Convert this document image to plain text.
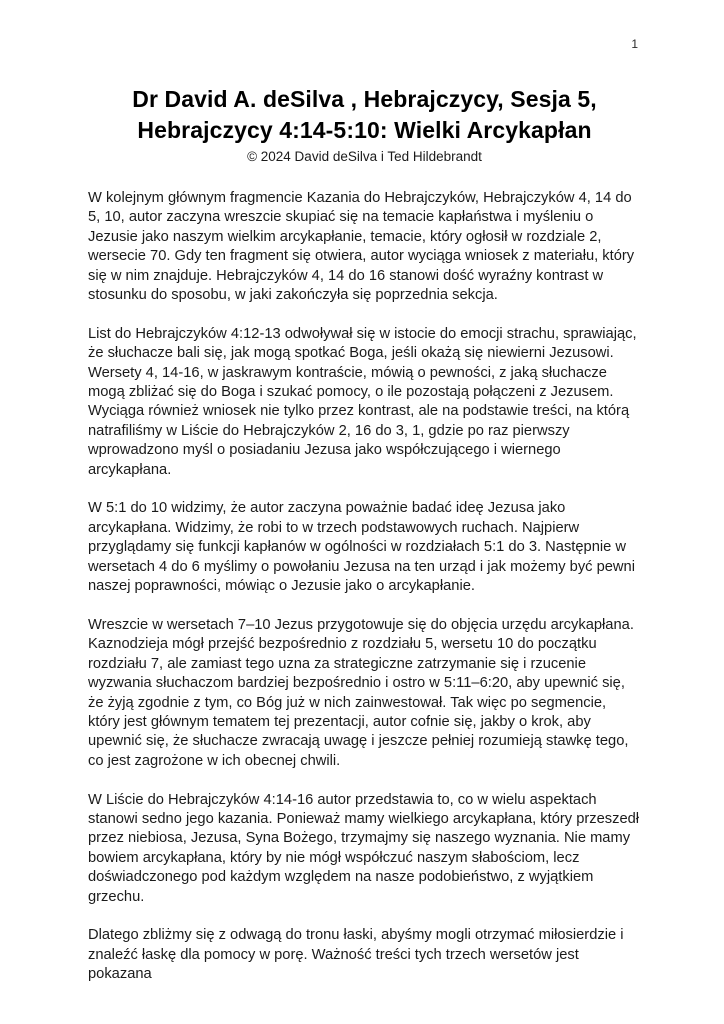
1
Dr David A. deSilva , Hebrajczycy, Sesja 5,
Hebrajczycy 4:14-5:10: Wielki Arcykapłan
© 2024 David deSilva i Ted Hildebrandt

W kolejnym głównym fragmencie Kazania do Hebrajczyków, Hebrajczyków 4, 14 do 5, 10, autor zaczyna wreszcie skupiać się na temacie kapłaństwa i myśleniu o Jezusie jako naszym wielkim arcykapłanie, temacie, który ogłosił w rozdziale 2, wersecie 70. Gdy ten fragment się otwiera, autor wyciąga wniosek z materiału, który się w nim znajduje. Hebrajczyków 4, 14 do 16 stanowi dość wyraźny kontrast w stosunku do sposobu, w jaki zakończyła się poprzednia sekcja.

List do Hebrajczyków 4:12-13 odwoływał się w istocie do emocji strachu, sprawiając, że słuchacze bali się, jak mogą spotkać Boga, jeśli okażą się niewierni Jezusowi. Wersety 4, 14-16, w jaskrawym kontraście, mówią o pewności, z jaką słuchacze mogą zbliżać się do Boga i szukać pomocy, o ile pozostają połączeni z Jezusem. Wyciąga również wniosek nie tylko przez kontrast, ale na podstawie treści, na którą natrafiliśmy w Liście do Hebrajczyków 2, 16 do 3, 1, gdzie po raz pierwszy wprowadzono myśl o posiadaniu Jezusa jako współczującego i wiernego arcykapłana.

W 5:1 do 10 widzimy, że autor zaczyna poważnie badać ideę Jezusa jako arcykapłana. Widzimy, że robi to w trzech podstawowych ruchach. Najpierw przyglądamy się funkcji kapłanów w ogólności w rozdziałach 5:1 do 3. Następnie w wersetach 4 do 6 myślimy o powołaniu Jezusa na ten urząd i jak możemy być pewni naszej poprawności, mówiąc o Jezusie jako o arcykapłanie.

Wreszcie w wersetach 7–10 Jezus przygotowuje się do objęcia urzędu arcykapłana. Kaznodzieja mógł przejść bezpośrednio z rozdziału 5, wersetu 10 do początku rozdziału 7, ale zamiast tego uzna za strategiczne zatrzymanie się i rzucenie wyzwania słuchaczom bardziej bezpośrednio i ostro w 5:11–6:20, aby upewnić się, że żyją zgodnie z tym, co Bóg już w nich zainwestował. Tak więc po segmencie, który jest głównym tematem tej prezentacji, autor cofnie się, jakby o krok, aby upewnić się, że słuchacze zwracają uwagę i jeszcze pełniej rozumieją stawkę tego, co jest zagrożone w ich obecnej chwili.

W Liście do Hebrajczyków 4:14-16 autor przedstawia to, co w wielu aspektach stanowi sedno jego kazania. Ponieważ mamy wielkiego arcykapłana, który przeszedł przez niebiosa, Jezusa, Syna Bożego, trzymajmy się naszego wyznania. Nie mamy bowiem arcykapłana, który by nie mógł współczuć naszym słabościom, lecz doświadczonego pod każdym względem na nasze podobieństwo, z wyjątkiem grzechu.

Dlatego zbliżmy się z odwagą do tronu łaski, abyśmy mogli otrzymać miłosierdzie i znaleźć łaskę dla pomocy w porę. Ważność treści tych trzech wersetów jest pokazana
